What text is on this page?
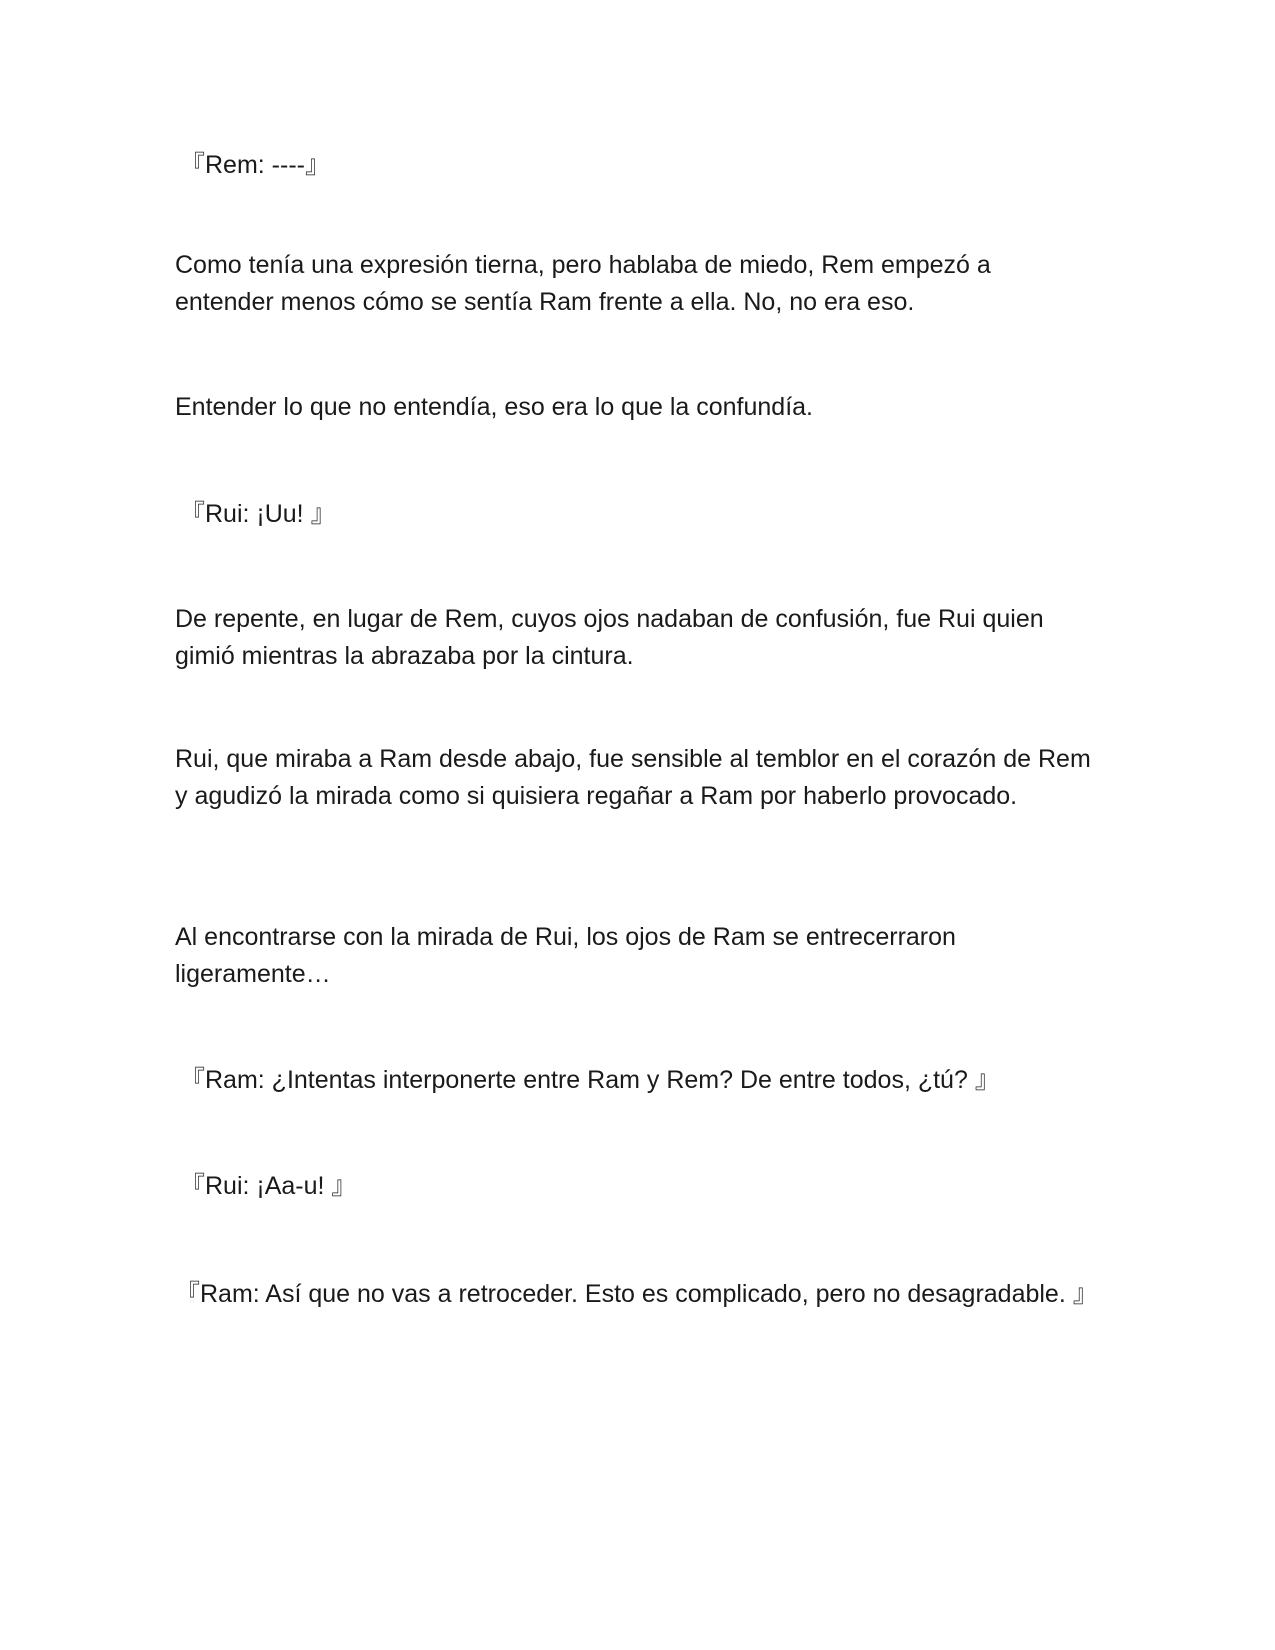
『Rem: ----』

Como tenía una expresión tierna, pero hablaba de miedo, Rem empezó a entender menos cómo se sentía Ram frente a ella. No, no era eso.

Entender lo que no entendía, eso era lo que la confundía.

『Rui: ¡Uu! 』

De repente, en lugar de Rem, cuyos ojos nadaban de confusión, fue Rui quien gimió mientras la abrazaba por la cintura.

Rui, que miraba a Ram desde abajo, fue sensible al temblor en el corazón de Rem y agudizó la mirada como si quisiera regañar a Ram por haberlo provocado.

Al encontrarse con la mirada de Rui, los ojos de Ram se entrecerraron ligeramente…

『Ram: ¿Intentas interponerte entre Ram y Rem? De entre todos, ¿tú? 』

『Rui: ¡Aa-u! 』

『Ram: Así que no vas a retroceder. Esto es complicado, pero no desagradable. 』
